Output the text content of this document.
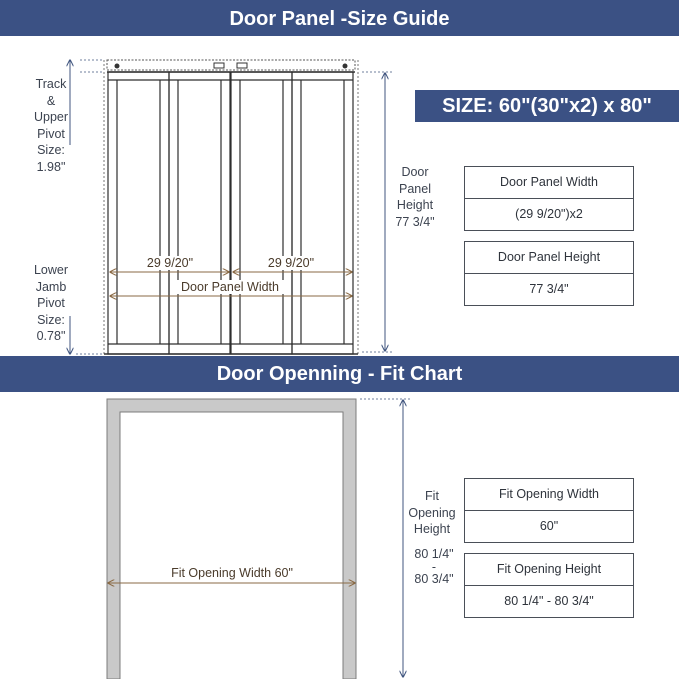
Door Panel -Size Guide
SIZE: 60"(30"x2) x 80"
Track
&
Upper
Pivot
Size:
1.98"
Lower
Jamb
Pivot
Size:
0.78"
Door
Panel
Height
77 3/4"
29 9/20"	29 9/20"
Door Panel Width
Door Panel Width
(29 9/20")x2
Door Panel Height
77 3/4"
Door Openning - Fit Chart
Fit
Opening
Height
80 1/4"
-
80 3/4"
Fit Opening Width 60"
Fit Opening Width
60"
Fit Opening Height
80 1/4" - 80 3/4"
